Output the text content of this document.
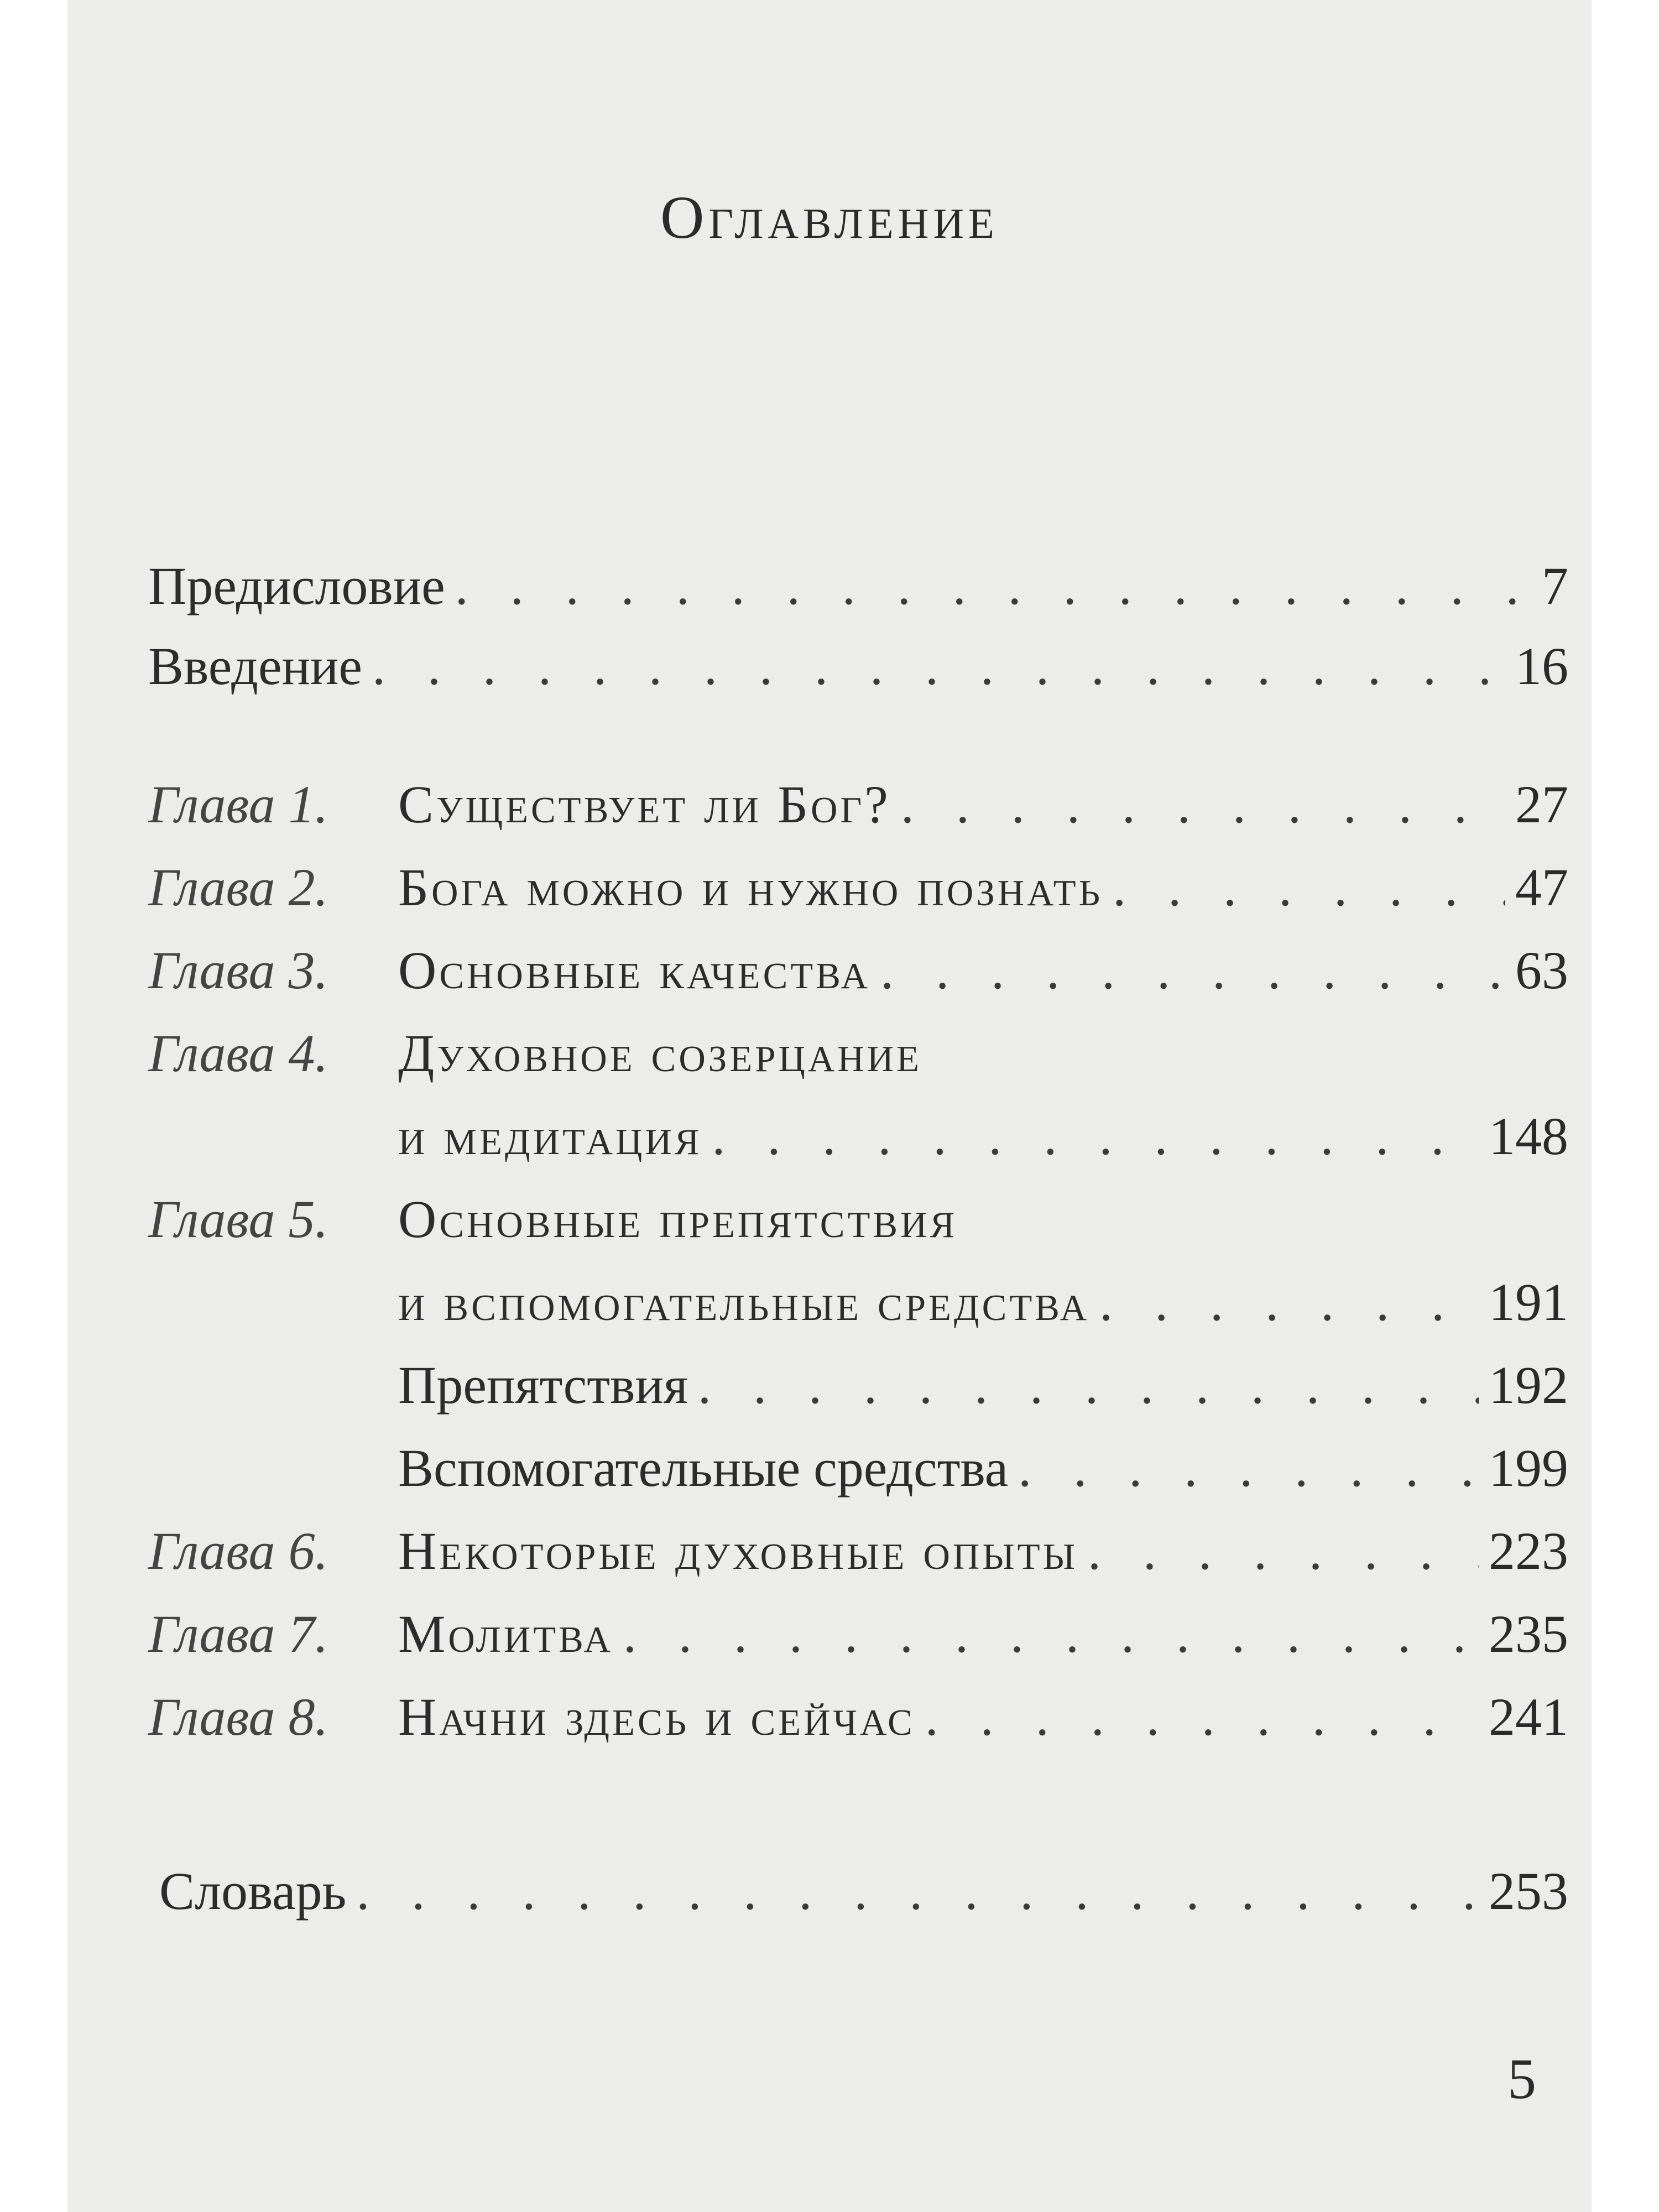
Оглавление
Предисловие . . .	7
Введение . . .	16
Глава 1.	Существует ли Бог? . . .	27
Глава 2.	Бога можно и нужно познать . . .	47
Глава 3.	Основные качества . . .	63
Глава 4.	Духовное созерцание
и медитация . . .	148
Глава 5.	Основные препятствия
и вспомогательные средства . . .	191
Препятствия . . .	192
Вспомогательные средства . . .	199
Глава 6.	Некоторые духовные опыты . . .	223
Глава 7.	Молитва . . .	235
Глава 8.	Начни здесь и сейчас . . .	241
Словарь . . .	253
5
